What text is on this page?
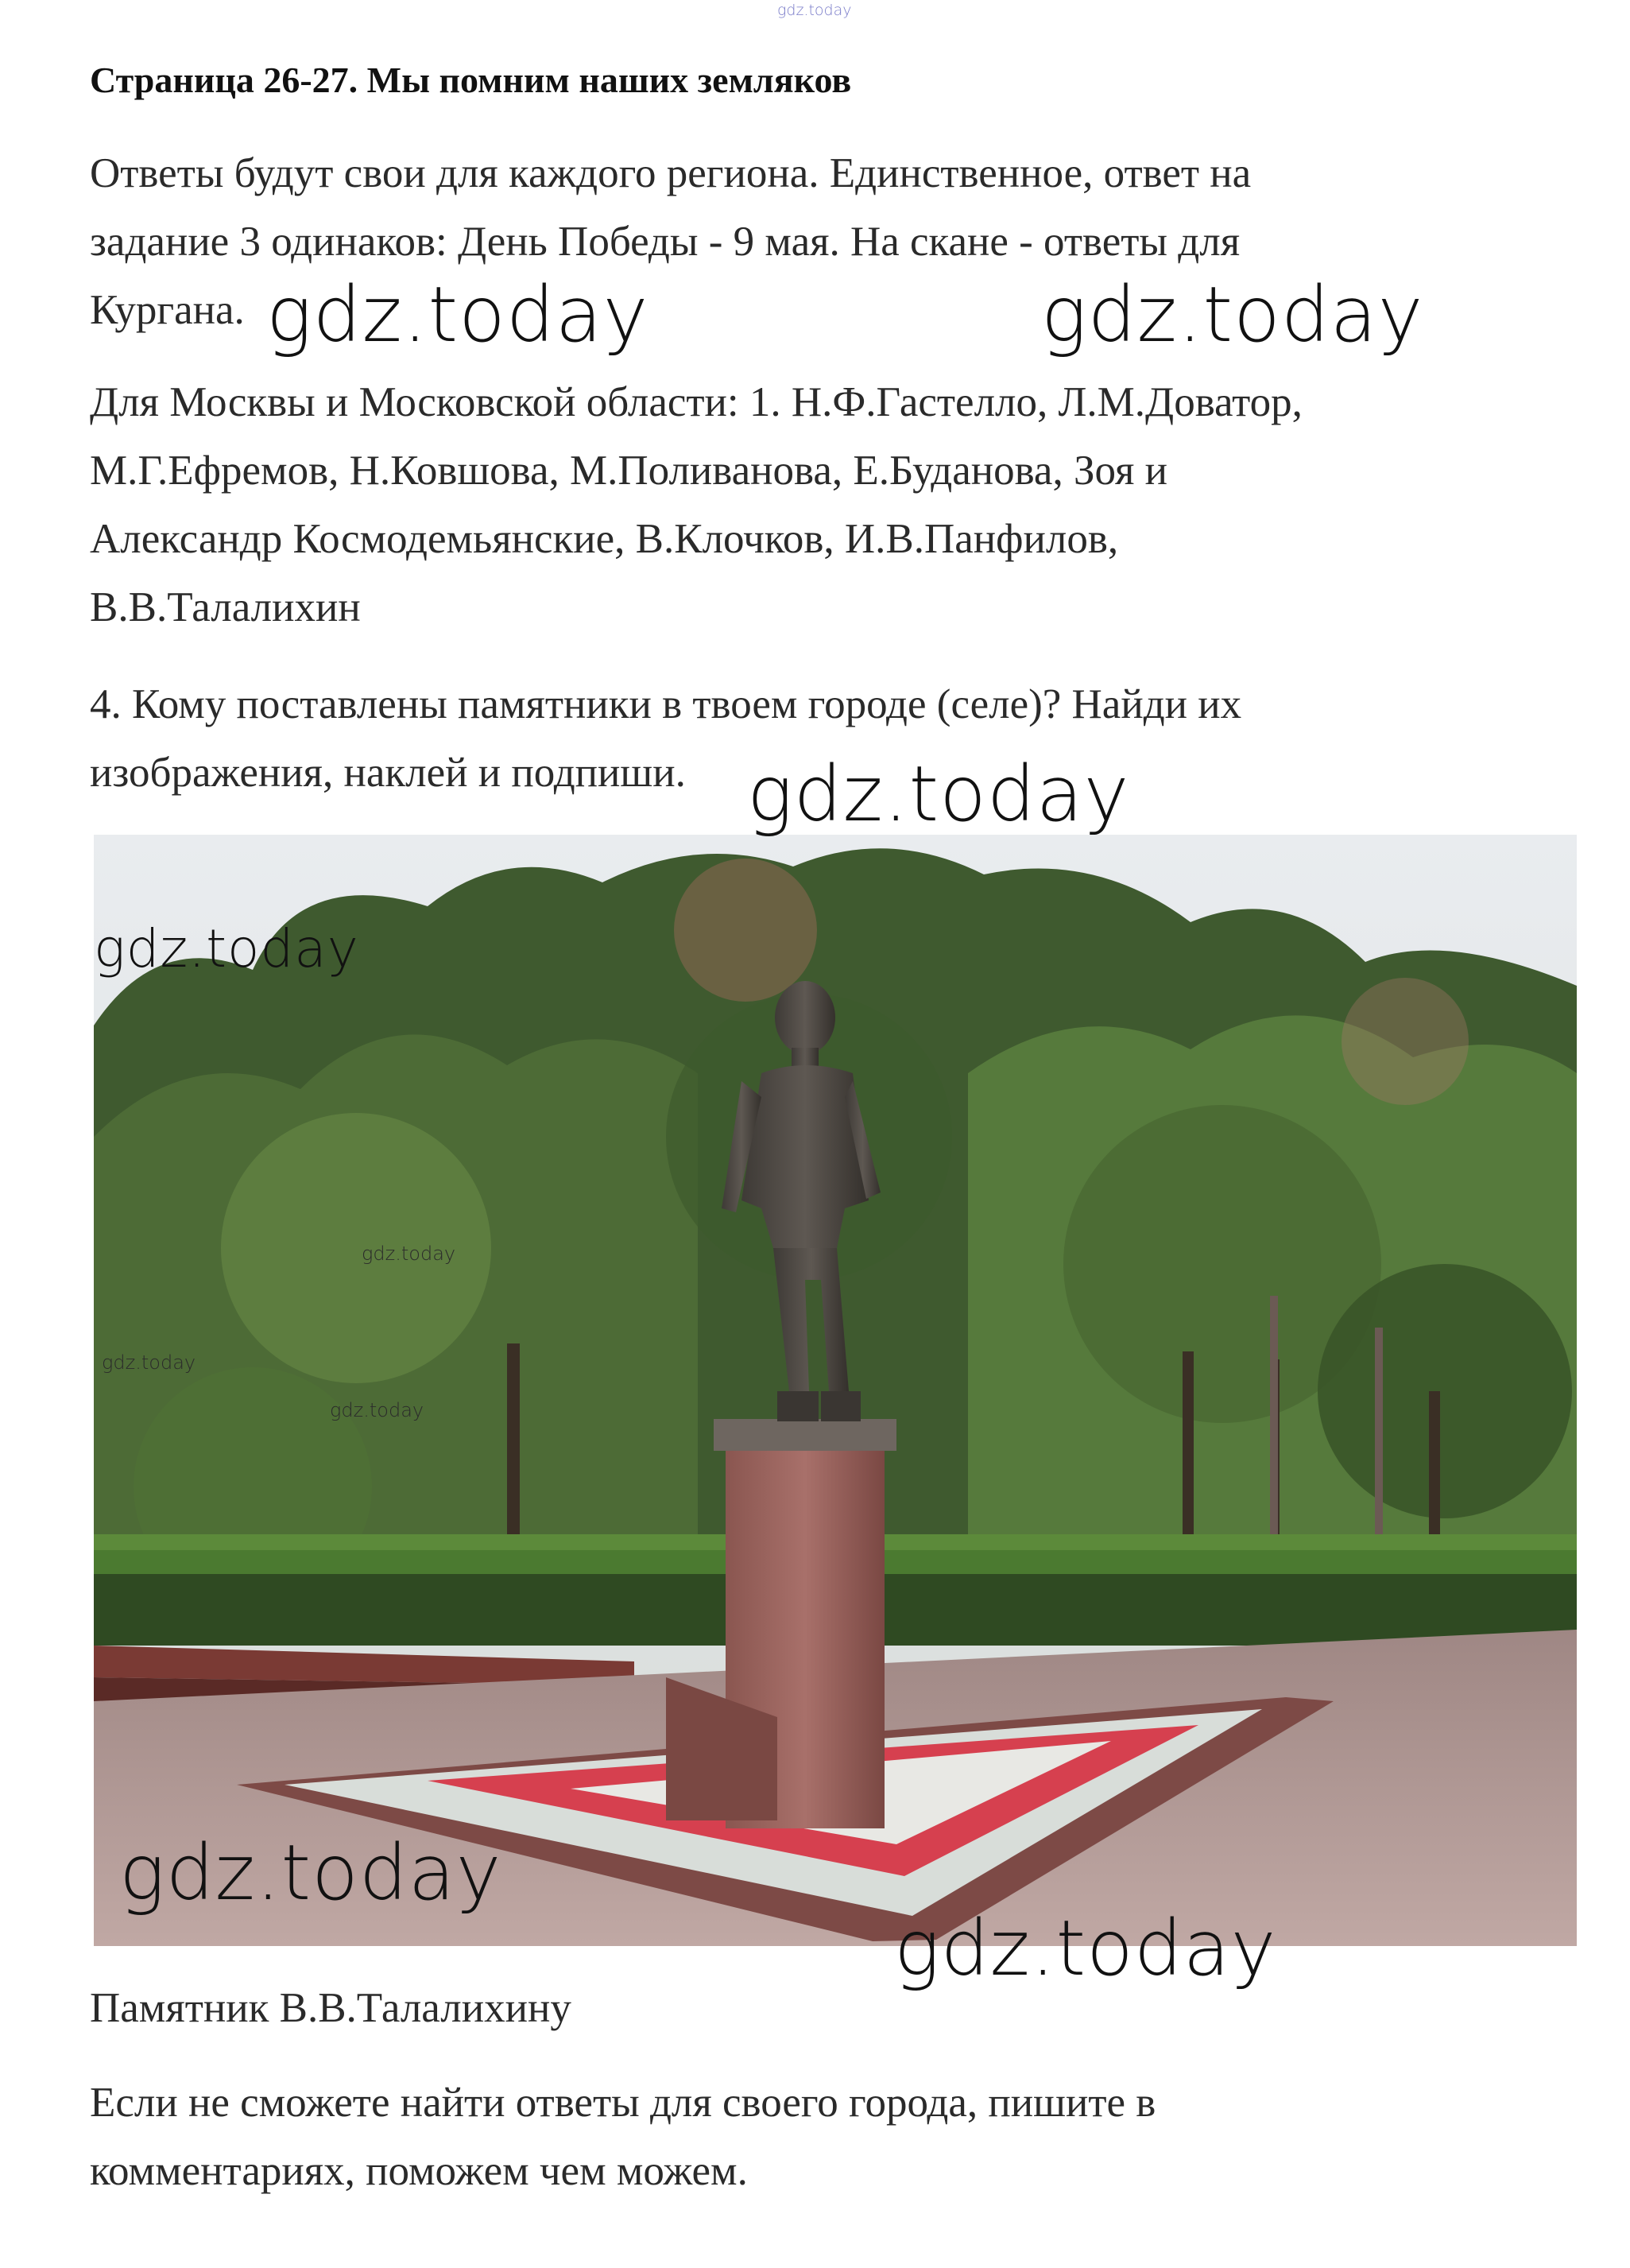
gdz.today
Страница 26-27. Мы помним наших земляков
Ответы будут свои для каждого региона. Единственное, ответ на
задание 3 одинаков: День Победы - 9 мая. На скане - ответы для
Кургана.
Для Москвы и Московской области: 1. Н.Ф.Гастелло, Л.М.Доватор,
М.Г.Ефремов, Н.Ковшова, М.Поливанова, Е.Буданова, Зоя и
Александр Космодемьянские, В.Клочков, И.В.Панфилов,
В.В.Талалихин
4. Кому поставлены памятники в твоем городе (селе)? Найди их
изображения, наклей и подпиши.
Памятник В.В.Талалихину
Если не сможете найти ответы для своего города, пишите в
комментариях, поможем чем можем.
gdz.today	gdz.today
gdz.today
gdz.today
gdz.today
gdz.today
gdz.today
gdz.today
gdz.today
